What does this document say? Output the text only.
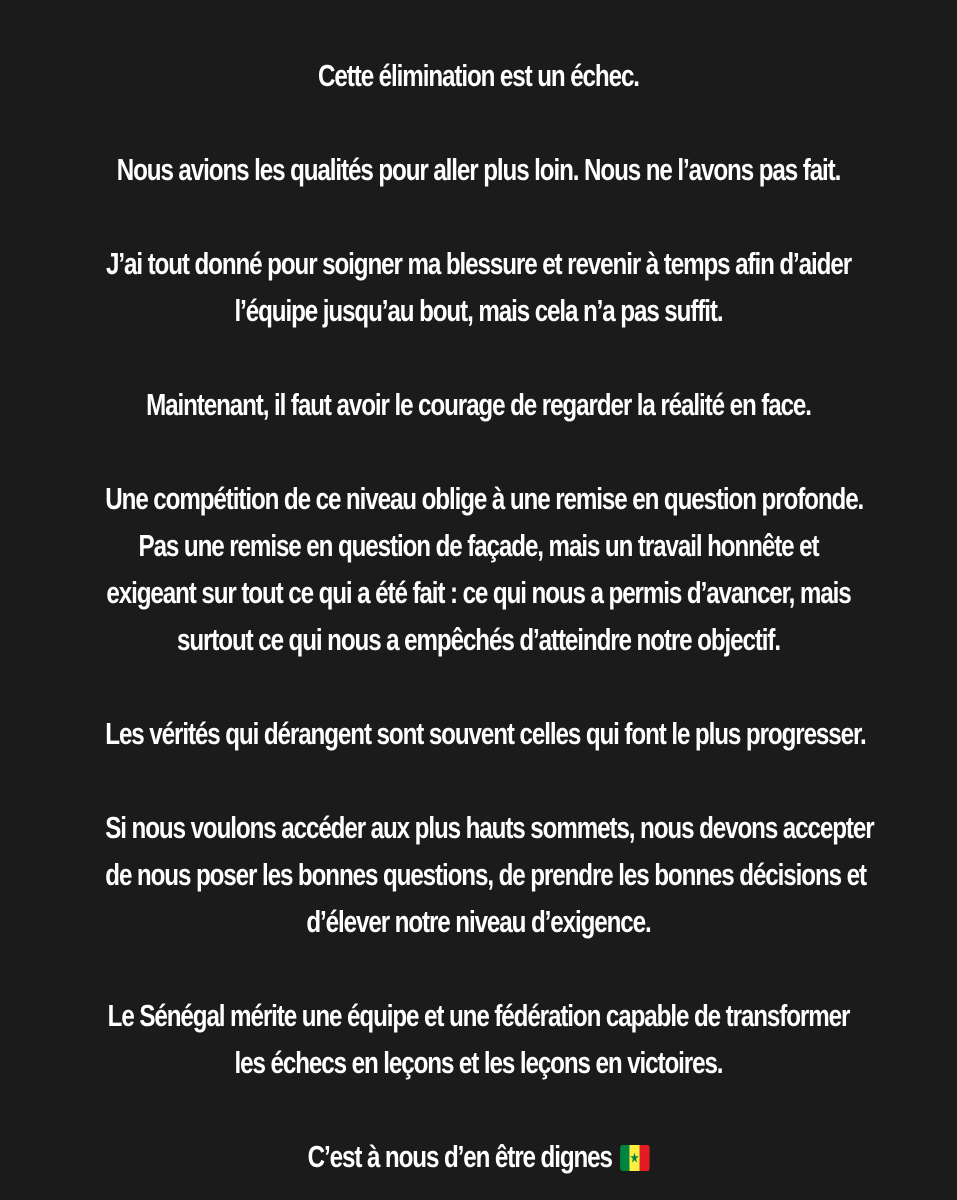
Cette élimination est un échec.

Nous avions les qualités pour aller plus loin. Nous ne l’avons pas fait.

J’ai tout donné pour soigner ma blessure et revenir à temps afin d’aider
l’équipe jusqu’au bout, mais cela n’a pas suffit.

Maintenant, il faut avoir le courage de regarder la réalité en face.

Une compétition de ce niveau oblige à une remise en question profonde.
Pas une remise en question de façade, mais un travail honnête et
exigeant sur tout ce qui a été fait : ce qui nous a permis d’avancer, mais
surtout ce qui nous a empêchés d’atteindre notre objectif.

Les vérités qui dérangent sont souvent celles qui font le plus progresser.

Si nous voulons accéder aux plus hauts sommets, nous devons accepter
de nous poser les bonnes questions, de prendre les bonnes décisions et
d’élever notre niveau d’exigence.

Le Sénégal mérite une équipe et une fédération capable de transformer
les échecs en leçons et les leçons en victoires.

C’est à nous d’en être dignes ★
